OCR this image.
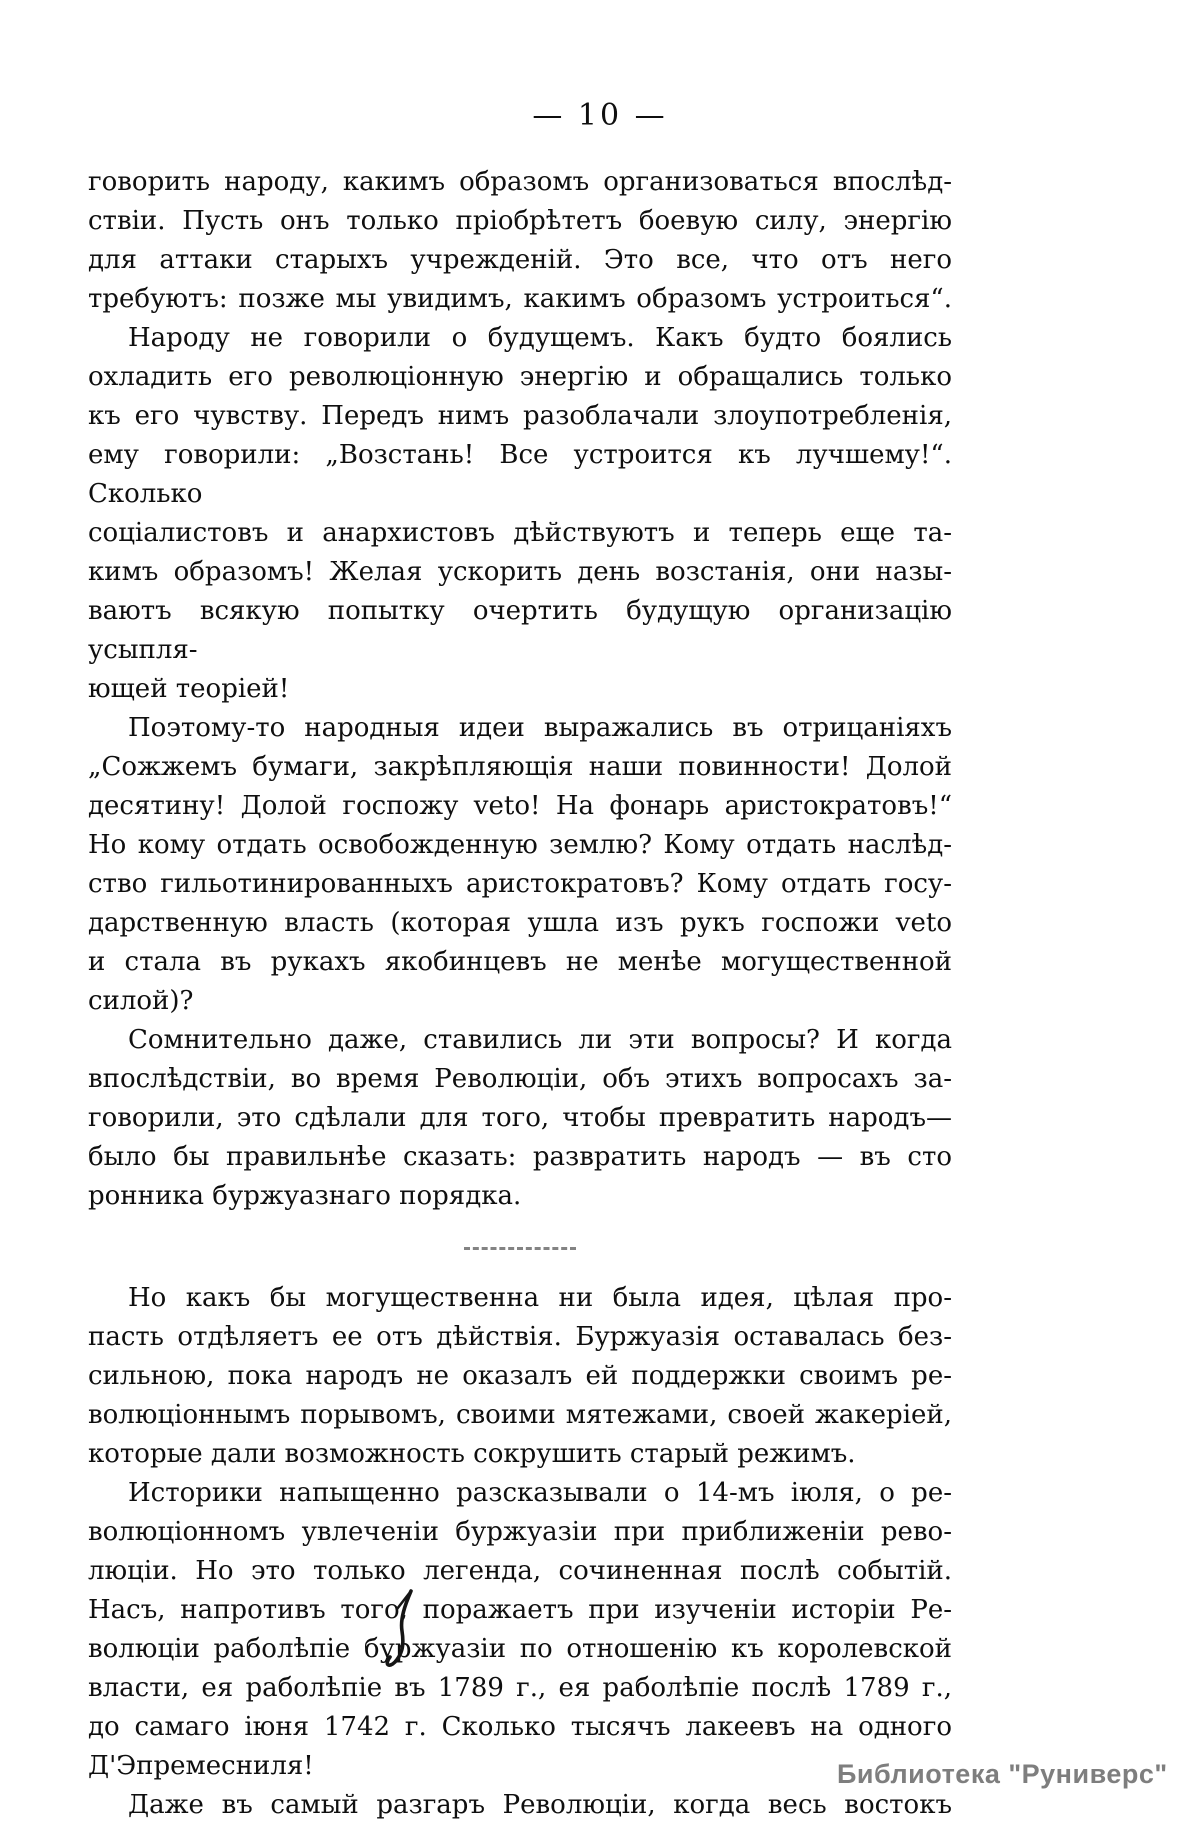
— 10 —
говорить народу, какимъ образомъ организоваться впослѣд-
ствіи. Пусть онъ только пріобрѣтетъ боевую силу, энергію
для аттаки старыхъ учрежденій. Это все, что отъ него
требуютъ: позже мы увидимъ, какимъ образомъ устроиться“.
Народу не говорили о будущемъ. Какъ будто боялись
охладить его революціонную энергію и обращались только
къ его чувству. Передъ нимъ разоблачали злоупотребленія,
ему говорили: „Возстань! Все устроится къ лучшему!“. Сколько
соціалистовъ и анархистовъ дѣйствуютъ и теперь еще та-
кимъ образомъ! Желая ускорить день возстанія, они назы-
ваютъ всякую попытку очертить будущую организацію усыпля-
ющей теоріей!
Поэтому-то народныя идеи выражались въ отрицаніяхъ
„Сожжемъ бумаги, закрѣпляющія наши повинности! Долой
десятину! Долой госпожу veto! На фонарь аристократовъ!“
Но кому отдать освобожденную землю? Кому отдать наслѣд-
ство гильотинированныхъ аристократовъ? Кому отдать госу-
дарственную власть (которая ушла изъ рукъ госпожи veto
и стала въ рукахъ якобинцевъ не менѣе могущественной
силой)?
Сомнительно даже, ставились ли эти вопросы? И когда
впослѣдствіи, во время Революціи, объ этихъ вопросахъ за-
говорили, это сдѣлали для того, чтобы превратить народъ—
было бы правильнѣе сказать: развратить народъ — въ сто
ронника буржуазнаго порядка.
Но какъ бы могущественна ни была идея, цѣлая про-
пасть отдѣляетъ ее отъ дѣйствія. Буржуазія оставалась без-
сильною, пока народъ не оказалъ ей поддержки своимъ ре-
волюціоннымъ порывомъ, своими мятежами, своей жакеріей,
которые дали возможность сокрушить старый режимъ.
Историки напыщенно разсказывали о 14-мъ іюля, о ре-
волюціонномъ увлеченіи буржуазіи при приближеніи рево-
люціи. Но это только легенда, сочиненная послѣ событій.
Насъ, напротивъ того, поражаетъ при изученіи исторіи Ре-
волюціи раболѣпіе буржуазіи по отношенію къ королевской
власти, ея раболѣпіе въ 1789 г., ея раболѣпіе послѣ 1789 г.,
до самаго іюня 1742 г. Сколько тысячъ лакеевъ на одного
Д'Эпремесниля!
Даже въ самый разгаръ Революціи, когда весь востокъ
Библиотека "Руниверс"
